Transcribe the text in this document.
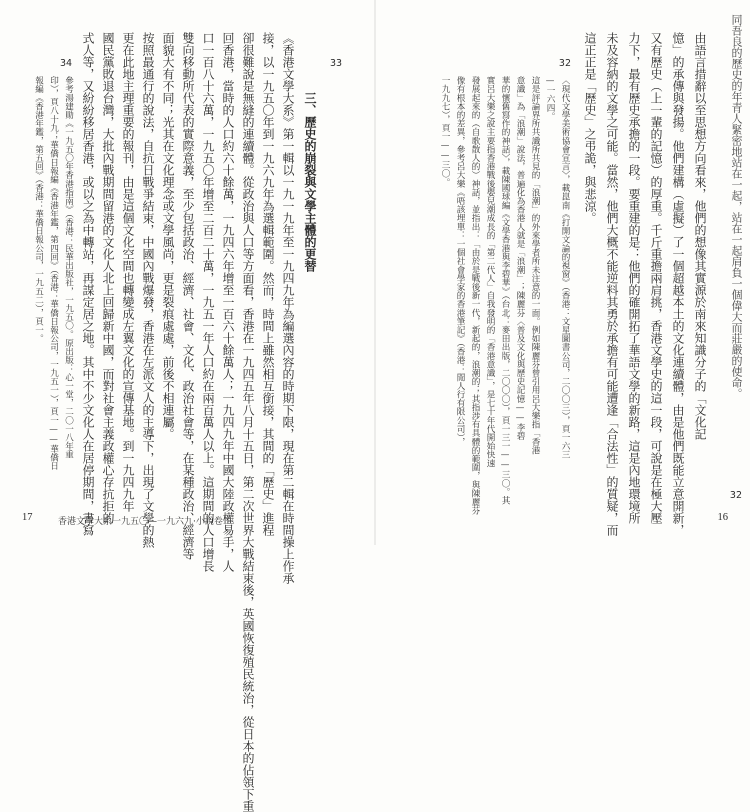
同吾良的歷史的年青人緊密地站在一起，站在一起肩負一個偉大而莊嚴的使命。
32
由語言措辭以至思想方向看來，他們的想像其實源於南來知識分子的「文化記
憶」的承傳與發揚。他們建構（虛擬）了一個超越本土的文化連續體，由是他們既能立意開新，
又有歷史（上一輩的記憶）的厚重。千斤重擔兩肩挑，香港文學史的這一段，可說是在極大壓
力下，最有歷史承擔的一段。要重建的是：他們的確開拓了華語文學的新路，這是內地環境所
未及容納的文學之可能。當然，他們大概不能逆料其勇於承擔有可能遭逢「合法性」的質疑，而
這正正是「歷史」之弔詭，與悲涼。
32
〈現代文學美術協會宣言〉，載崑南《打開文論的視窗》（香港：文星圖書公司，二〇〇三），頁一六三
—一六四。
這是評論界所共識所共見的「浪潮」的外來學者所未注意的一面。例如陳麗芬曾引用呂大樂指「香港
意識」為「浪潮」說法，普遍化為香港人就是「浪潮」；陳麗芬〈普及文化與歷史記憶——李碧
華的懷舊寫作的神話〉，載陳國球編《文學香港與李碧華》（台北：麥田出版，二〇〇〇），頁一三一——三〇。其
實呂大樂之說主要指香港戰後嬰兒潮成長的「第二代人」自我發明的「香港意識」，是七十年代開始快速
發展起來的（自歌散人的）神話，並指出：「由於是戰後新一代，新起的，浪潮的；其指涉有具體的範圍，與陳麗芬
像有根本的差異，參考呂大樂《唔該埋單：一個社會學家的香港筆記》（香港：閒人行有限公司），
一九九七），頁一——三〇。
16
33
34
參考湯建勛《一九五〇年香港指南》（香港：民華出版社，一九五〇。原出版：心一堂，二〇一八年重
印），頁八十九；華僑日報編《香港年鑑，第四回》（香港：華僑日報公司，一九五一），頁一——華僑日
報編《香港年鑑，第五回》（香港：華僑日報公司，一九五二），頁一。	三、歷史的崩裂與文學主體的更替
《香港文學大系》第一輯以一九一九年至一九四九年為編選內容的時期下限，現在第二輯在時間操上作承
接，以一九五〇年到一九六九年為選輯範圍。然而，時間上雖然相互銜接，其間的「歷史」進程
卻很難說是無縫的連續體。從政治與人口等方面看，香港在一九四五年八月十五日，第二次世界大戰結束後，英國恢復殖民統治，從日本的佔領下重
回香港，當時的人口約六十餘萬，一九四六年增至一百六十餘萬人；一九四九年中國大陸政權易手，人
口一百八十六萬，一九五〇年增至二百二十萬，一九五一年人口約在兩百萬人以上。這期間的人口增長
雙向移動所代表的實際意義，至少包括政治、經濟、社會、文化、政治社會等，在某種政治、經濟等
面貌大有不同；光其在文化理念或文學風尚，更是裂痕處處，前後不相連屬。
按照最通行的說法，自抗日戰爭結束，中國內戰爆發，香港在左派文人的主導下，出現了文學的熱
更在此地主理重要的報刊，由是這個文化空間也轉變成左翼文化的宣傳基地。到一九四九年
國民黨敗退台灣，大批內戰期間留港的文化人北上回歸新中國，而對社會主義政權心存抗拒的
式人等，又紛紛移居香港，或以之為中轉站，再謀定居之地。其中不少文化人在居停期間，書寫
17	香港文學大系一九五〇—一九六九·小說卷二
